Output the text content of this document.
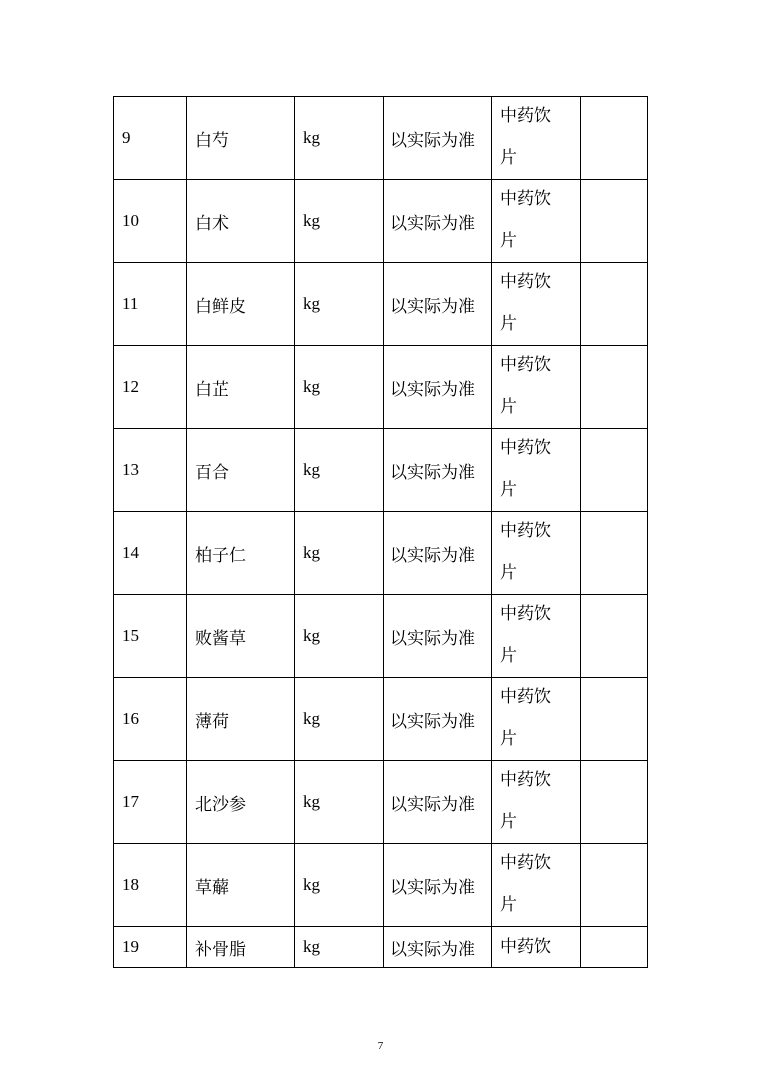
9	白芍	kg	以实际为准	中药饮片	

10	白术	kg	以实际为准	中药饮片	

11	白鲜皮	kg	以实际为准	中药饮片	

12	白芷	kg	以实际为准	中药饮片	

13	百合	kg	以实际为准	中药饮片	

14	柏子仁	kg	以实际为准	中药饮片	

15	败酱草	kg	以实际为准	中药饮片	

16	薄荷	kg	以实际为准	中药饮片	

17	北沙参	kg	以实际为准	中药饮片	

18	草薢	kg	以实际为准	中药饮片	

19	补骨脂	kg	以实际为准	中药饮	

7
